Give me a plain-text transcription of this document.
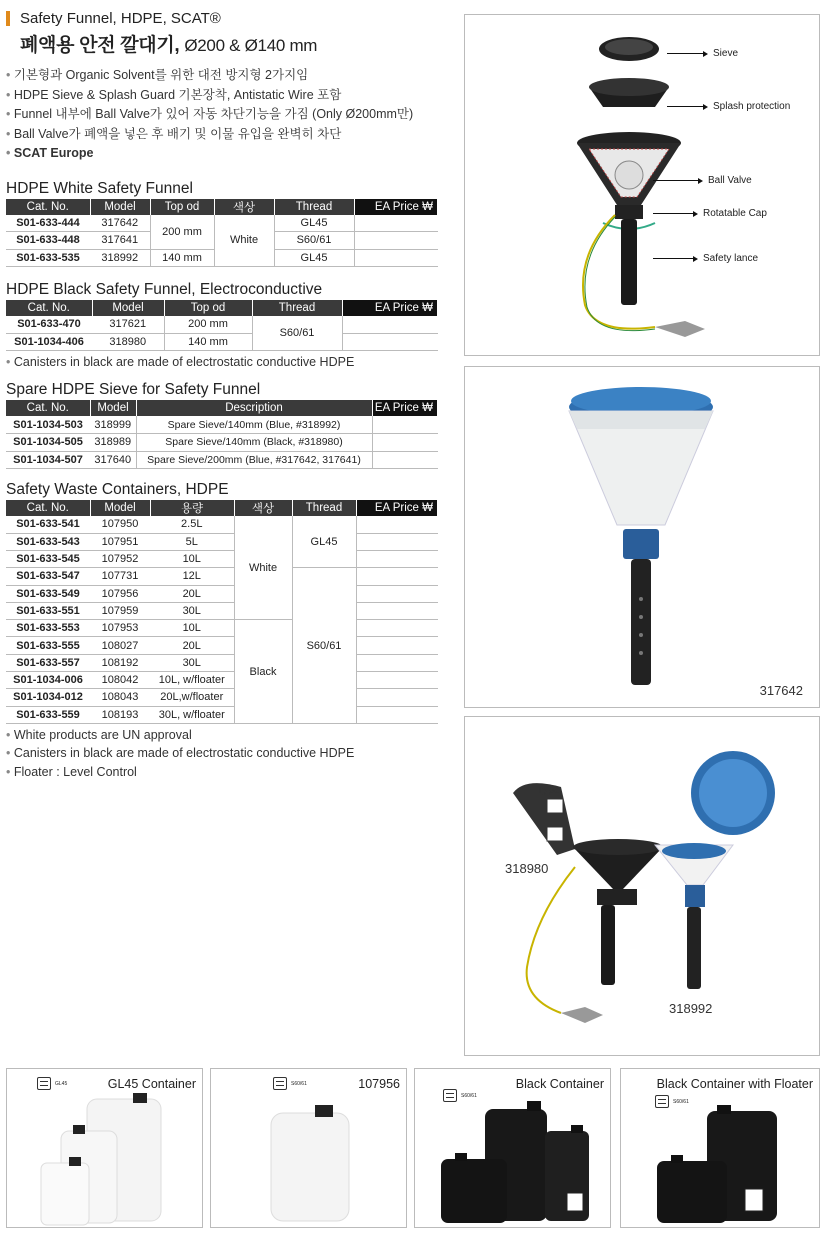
Safety Funnel, HDPE, SCAT®
폐액용 안전 깔대기, Ø200 & Ø140 mm
• 기본형과 Organic Solvent를 위한 대전 방지형 2가지임
• HDPE Sieve & Splash Guard 기본장착, Antistatic Wire 포함
• Funnel 내부에 Ball Valve가 있어 자동 차단기능을 가짐 (Only Ø200mm만)
• Ball Valve가 폐액을 넣은 후 배기 및 이물 유입을 완벽히 차단
• SCAT Europe
HDPE White Safety Funnel
Cat. No.	Model	Top od	색상	Thread	EA Price ₩
S01-633-444	317642	200 mm	White	GL45	
S01-633-448	317641			S60/61	
S01-633-535	318992	140 mm		GL45	
HDPE Black Safety Funnel, Electroconductive
Cat. No.	Model	Top od	Thread	EA Price ₩
S01-633-470	317621	200 mm	S60/61	
S01-1034-406	318980	140 mm		
• Canisters in black are made of electrostatic conductive HDPE
Spare HDPE Sieve for Safety Funnel
Cat. No.	Model	Description	EA Price ₩
S01-1034-503	318999	Spare Sieve/140mm (Blue, #318992)	
S01-1034-505	318989	Spare Sieve/140mm (Black, #318980)	
S01-1034-507	317640	Spare Sieve/200mm (Blue, #317642, 317641)	
Safety Waste Containers, HDPE
Cat. No.	Model	용량	색상	Thread	EA Price ₩
S01-633-541	107950	2.5L	White	GL45	
S01-633-543	107951	5L			
S01-633-545	107952	10L			
S01-633-547	107731	12L		S60/61	
S01-633-549	107956	20L			
S01-633-551	107959	30L			
S01-633-553	107953	10L	Black		
S01-633-555	108027	20L			
S01-633-557	108192	30L			
S01-1034-006	108042	10L, w/floater			
S01-1034-012	108043	20L,w/floater			
S01-633-559	108193	30L, w/floater			
• White products are UN approval
• Canisters in black are made of electrostatic conductive HDPE
• Floater : Level Control
Sieve
Splash protection
Ball Valve
Rotatable Cap
Safety lance
317642
Type
318980
318992
GL45	GL45 Container	S60/61	107956
S60/61
Black Container
S60/61
Black Container with Floater
